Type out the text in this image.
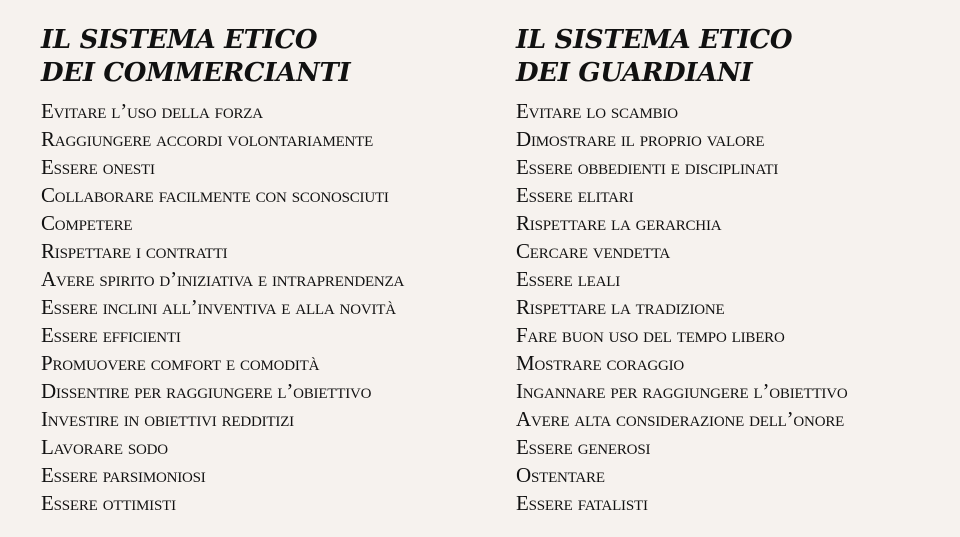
IL SISTEMA ETICO
DEI COMMERCIANTI
Evitare l’uso della forza
Raggiungere accordi volontariamente
Essere onesti
Collaborare facilmente con sconosciuti
Competere
Rispettare i contratti
Avere spirito d’iniziativa e intraprendenza
Essere inclini all’inventiva e alla novità
Essere efficienti
Promuovere comfort e comodità
Dissentire per raggiungere l’obiettivo
Investire in obiettivi redditizi
Lavorare sodo
Essere parsimoniosi
Essere ottimisti
IL SISTEMA ETICO
DEI GUARDIANI
Evitare lo scambio
Dimostrare il proprio valore
Essere obbedienti e disciplinati
Essere elitari
Rispettare la gerarchia
Cercare vendetta
Essere leali
Rispettare la tradizione
Fare buon uso del tempo libero
Mostrare coraggio
Ingannare per raggiungere l’obiettivo
Avere alta considerazione dell’onore
Essere generosi
Ostentare
Essere fatalisti
